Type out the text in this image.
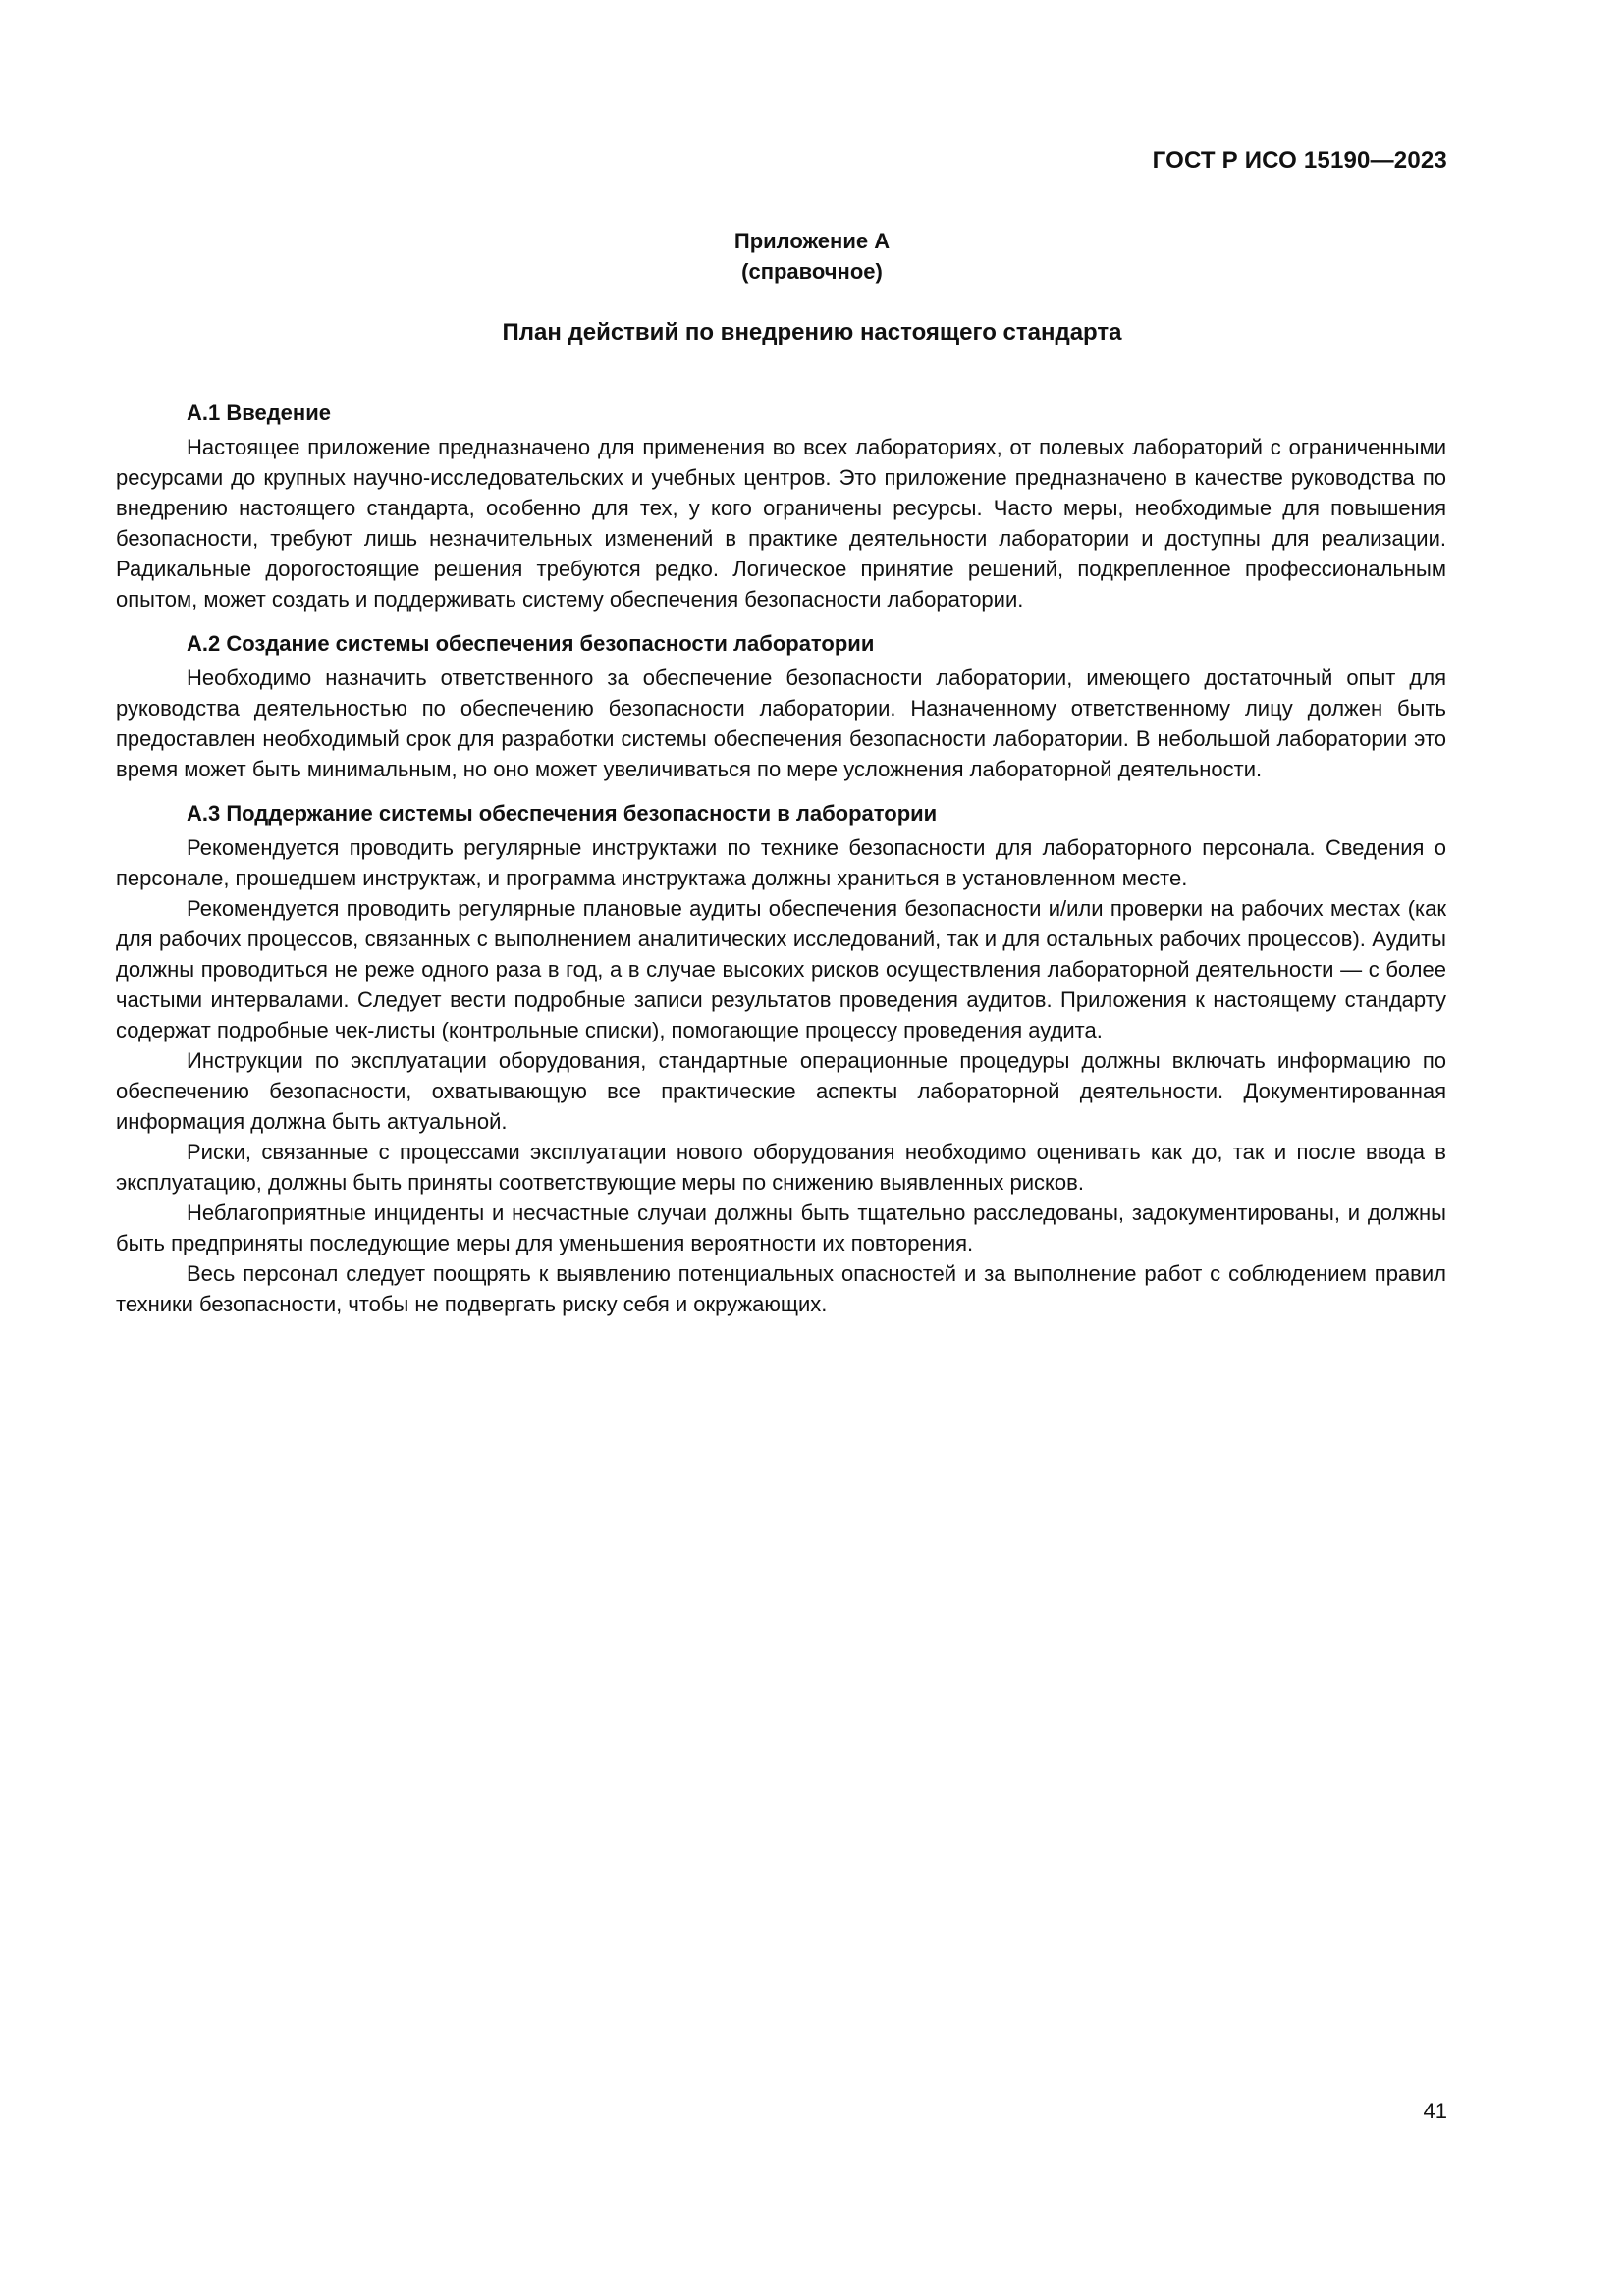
ГОСТ Р ИСО 15190—2023
Приложение А
(справочное)
План действий по внедрению настоящего стандарта
А.1 Введение

Настоящее приложение предназначено для применения во всех лабораториях, от полевых лабораторий с ограниченными ресурсами до крупных научно-исследовательских и учебных центров. Это приложение предназначено в качестве руководства по внедрению настоящего стандарта, особенно для тех, у кого ограничены ресурсы. Часто меры, необходимые для повышения безопасности, требуют лишь незначительных изменений в практике деятельности лаборатории и доступны для реализации. Радикальные дорогостоящие решения требуются редко. Логическое принятие решений, подкрепленное профессиональным опытом, может создать и поддерживать систему обеспечения безопасности лаборатории.

А.2 Создание системы обеспечения безопасности лаборатории

Необходимо назначить ответственного за обеспечение безопасности лаборатории, имеющего достаточный опыт для руководства деятельностью по обеспечению безопасности лаборатории. Назначенному ответственному лицу должен быть предоставлен необходимый срок для разработки системы обеспечения безопасности лаборатории. В небольшой лаборатории это время может быть минимальным, но оно может увеличиваться по мере усложнения лабораторной деятельности.

А.3 Поддержание системы обеспечения безопасности в лаборатории

Рекомендуется проводить регулярные инструктажи по технике безопасности для лабораторного персонала. Сведения о персонале, прошедшем инструктаж, и программа инструктажа должны храниться в установленном месте.

Рекомендуется проводить регулярные плановые аудиты обеспечения безопасности и/или проверки на рабочих местах (как для рабочих процессов, связанных с выполнением аналитических исследований, так и для остальных рабочих процессов). Аудиты должны проводиться не реже одного раза в год, а в случае высоких рисков осуществления лабораторной деятельности — с более частыми интервалами. Следует вести подробные записи результатов проведения аудитов. Приложения к настоящему стандарту содержат подробные чек-листы (контрольные списки), помогающие процессу проведения аудита.

Инструкции по эксплуатации оборудования, стандартные операционные процедуры должны включать информацию по обеспечению безопасности, охватывающую все практические аспекты лабораторной деятельности. Документированная информация должна быть актуальной.

Риски, связанные с процессами эксплуатации нового оборудования необходимо оценивать как до, так и после ввода в эксплуатацию, должны быть приняты соответствующие меры по снижению выявленных рисков.

Неблагоприятные инциденты и несчастные случаи должны быть тщательно расследованы, задокументированы, и должны быть предприняты последующие меры для уменьшения вероятности их повторения.

Весь персонал следует поощрять к выявлению потенциальных опасностей и за выполнение работ с соблюдением правил техники безопасности, чтобы не подвергать риску себя и окружающих.

41
